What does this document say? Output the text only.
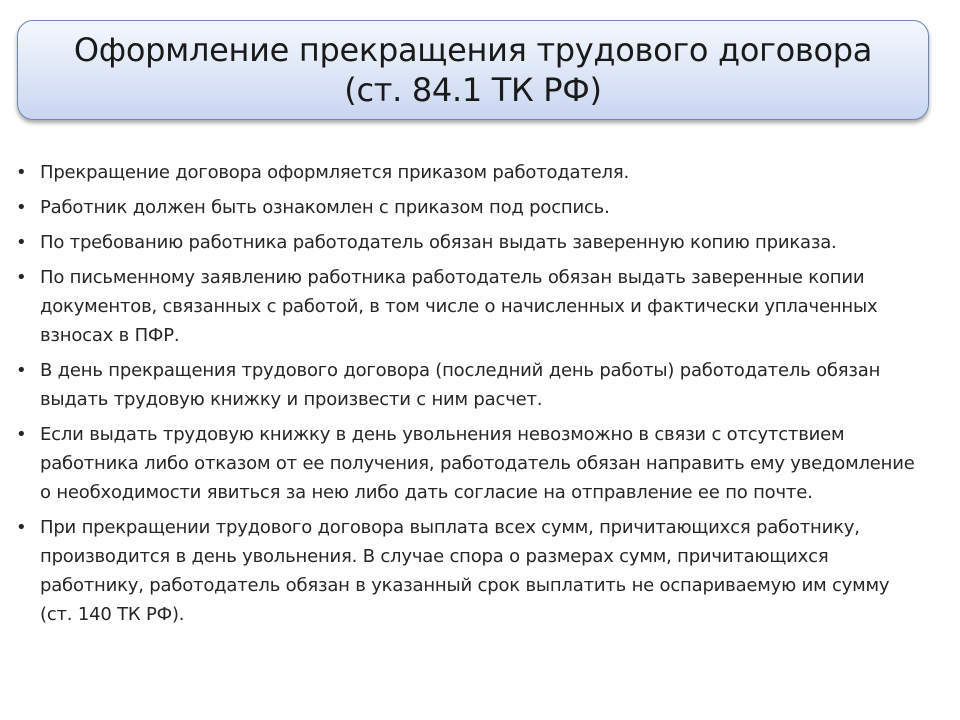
Оформление прекращения трудового договора
(ст. 84.1 ТК РФ)
• Прекращение договора оформляется приказом работодателя.
• Работник должен быть ознакомлен с приказом под роспись.
• По требованию работника работодатель обязан выдать заверенную копию приказа.
• По письменному заявлению работника работодатель обязан выдать заверенные копии документов, связанных с работой, в том числе о начисленных и фактически уплаченных взносах в ПФР.
• В день прекращения трудового договора (последний день работы) работодатель обязан выдать трудовую книжку и произвести с ним расчет.
• Если выдать трудовую книжку в день увольнения невозможно в связи с отсутствием работника либо отказом от ее получения, работодатель обязан направить ему уведомление о необходимости явиться за нею либо дать согласие на отправление ее по почте.
• При прекращении трудового договора выплата всех сумм, причитающихся работнику, производится в день увольнения. В случае спора о размерах сумм, причитающихся работнику, работодатель обязан в указанный срок выплатить не оспариваемую им сумму (ст. 140 ТК РФ).
